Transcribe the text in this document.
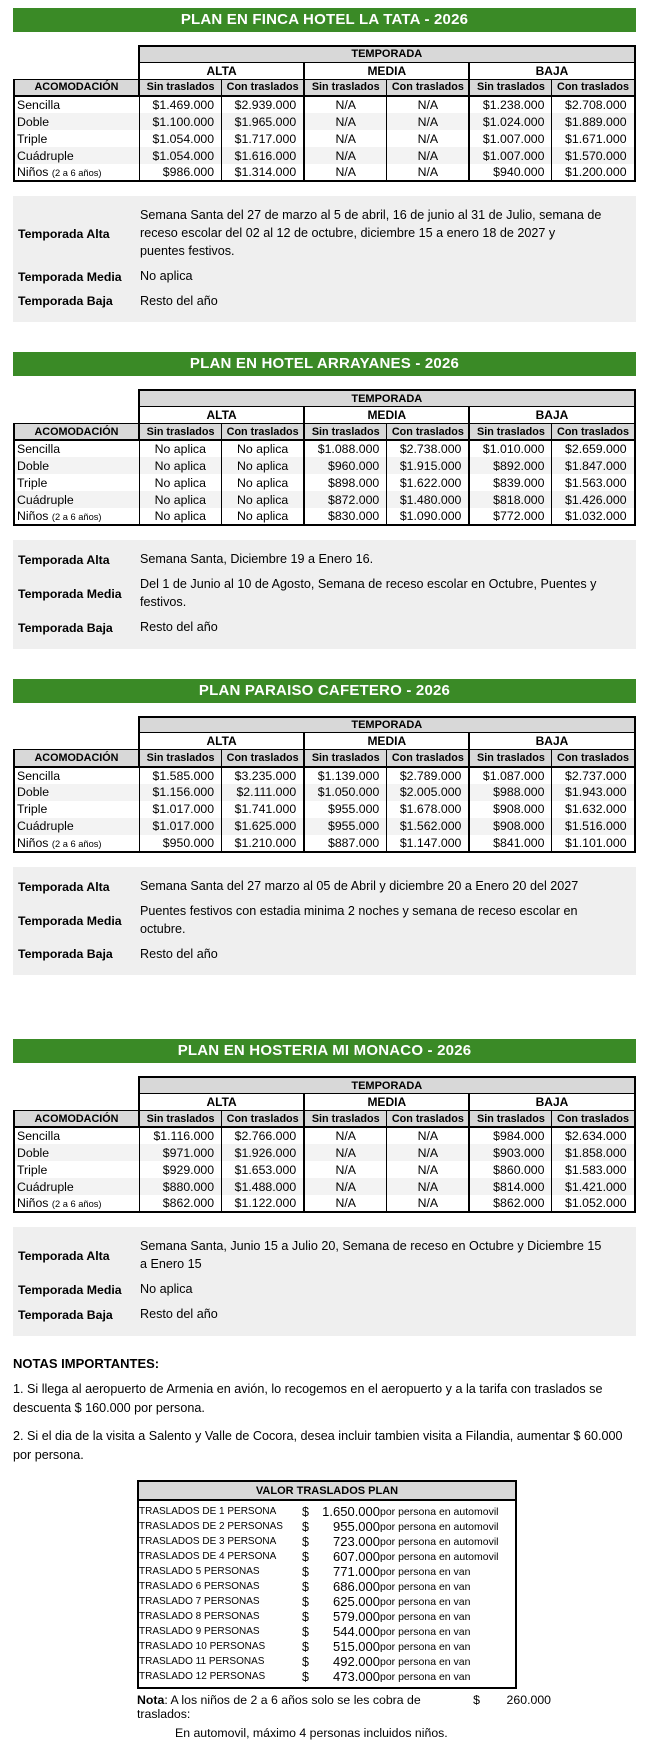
PLAN EN FINCA HOTEL LA TATA - 2026
	TEMPORADA					
	ALTA		MEDIA		BAJA	
ACOMODACIÓN	Sin traslados	Con traslados	Sin traslados	Con traslados	Sin traslados	Con traslados
Sencilla	$1.469.000	$2.939.000	N/A	N/A	$1.238.000	$2.708.000
Doble	$1.100.000	$1.965.000	N/A	N/A	$1.024.000	$1.889.000
Triple	$1.054.000	$1.717.000	N/A	N/A	$1.007.000	$1.671.000
Cuádruple	$1.054.000	$1.616.000	N/A	N/A	$1.007.000	$1.570.000
Niños (2 a 6 años)	$986.000	$1.314.000	N/A	N/A	$940.000	$1.200.000
Temporada Alta
Semana Santa del 27 de marzo al 5 de abril, 16 de junio al 31 de Julio, semana de receso escolar del 02 al 12 de octubre, diciembre 15 a enero 18 de 2027 y puentes festivos.
Temporada Media	No aplica
Temporada Baja	Resto del año
PLAN EN HOTEL ARRAYANES - 2026
	TEMPORADA					
	ALTA		MEDIA		BAJA	
ACOMODACIÓN	Sin traslados	Con traslados	Sin traslados	Con traslados	Sin traslados	Con traslados
Sencilla	No aplica	No aplica	$1.088.000	$2.738.000	$1.010.000	$2.659.000
Doble	No aplica	No aplica	$960.000	$1.915.000	$892.000	$1.847.000
Triple	No aplica	No aplica	$898.000	$1.622.000	$839.000	$1.563.000
Cuádruple	No aplica	No aplica	$872.000	$1.480.000	$818.000	$1.426.000
Niños (2 a 6 años)	No aplica	No aplica	$830.000	$1.090.000	$772.000	$1.032.000
Temporada Alta	Semana Santa, Diciembre 19 a Enero 16.
Temporada Media
Del 1 de Junio al 10 de Agosto, Semana de receso escolar en Octubre, Puentes y festivos.
Temporada Baja	Resto del año
PLAN PARAISO CAFETERO - 2026
	TEMPORADA					
	ALTA		MEDIA		BAJA	
ACOMODACIÓN	Sin traslados	Con traslados	Sin traslados	Con traslados	Sin traslados	Con traslados
Sencilla	$1.585.000	$3.235.000	$1.139.000	$2.789.000	$1.087.000	$2.737.000
Doble	$1.156.000	$2.111.000	$1.050.000	$2.005.000	$988.000	$1.943.000
Triple	$1.017.000	$1.741.000	$955.000	$1.678.000	$908.000	$1.632.000
Cuádruple	$1.017.000	$1.625.000	$955.000	$1.562.000	$908.000	$1.516.000
Niños (2 a 6 años)	$950.000	$1.210.000	$887.000	$1.147.000	$841.000	$1.101.000
Temporada Alta	Semana Santa del 27 marzo al 05 de Abril y diciembre 20 a Enero 20 del 2027
Temporada Media
Puentes festivos con estadia minima 2 noches y semana de receso escolar en octubre.
Temporada Baja	Resto del año
PLAN EN HOSTERIA MI MONACO - 2026
	TEMPORADA					
	ALTA		MEDIA		BAJA	
ACOMODACIÓN	Sin traslados	Con traslados	Sin traslados	Con traslados	Sin traslados	Con traslados
Sencilla	$1.116.000	$2.766.000	N/A	N/A	$984.000	$2.634.000
Doble	$971.000	$1.926.000	N/A	N/A	$903.000	$1.858.000
Triple	$929.000	$1.653.000	N/A	N/A	$860.000	$1.583.000
Cuádruple	$880.000	$1.488.000	N/A	N/A	$814.000	$1.421.000
Niños (2 a 6 años)	$862.000	$1.122.000	N/A	N/A	$862.000	$1.052.000
Temporada Alta
Semana Santa, Junio 15 a Julio 20, Semana de receso en Octubre y Diciembre 15 a Enero 15
Temporada Media	No aplica
Temporada Baja	Resto del año
NOTAS IMPORTANTES:

1. Si llega al aeropuerto de Armenia en avión, lo recogemos en el aeropuerto y a la tarifa con traslados se descuenta $ 160.000 por persona.

2. Si el dia de la visita a Salento y Valle de Cocora, desea incluir tambien visita a Filandia, aumentar $ 60.000 por persona.

VALOR TRASLADOS PLAN			
TRASLADOS DE 1 PERSONA	$	1.650.000	por persona en automovil
TRASLADOS DE 2 PERSONAS	$	955.000	por persona en automovil
TRASLADOS DE 3 PERSONA	$	723.000	por persona en automovil
TRASLADOS DE 4 PERSONA	$	607.000	por persona en automovil
TRASLADO 5 PERSONAS	$	771.000	por persona en van
TRASLADO 6 PERSONAS	$	686.000	por persona en van
TRASLADO 7 PERSONAS	$	625.000	por persona en van
TRASLADO 8 PERSONAS	$	579.000	por persona en van
TRASLADO 9 PERSONAS	$	544.000	por persona en van
TRASLADO 10 PERSONAS	$	515.000	por persona en van
TRASLADO 11 PERSONAS	$	492.000	por persona en van
TRASLADO 12 PERSONAS	$	473.000	por persona en van
Nota: A los niños de 2 a 6 años solo se les cobra de traslados:
$	260.000
En automovil, máximo 4 personas incluidos niños.
